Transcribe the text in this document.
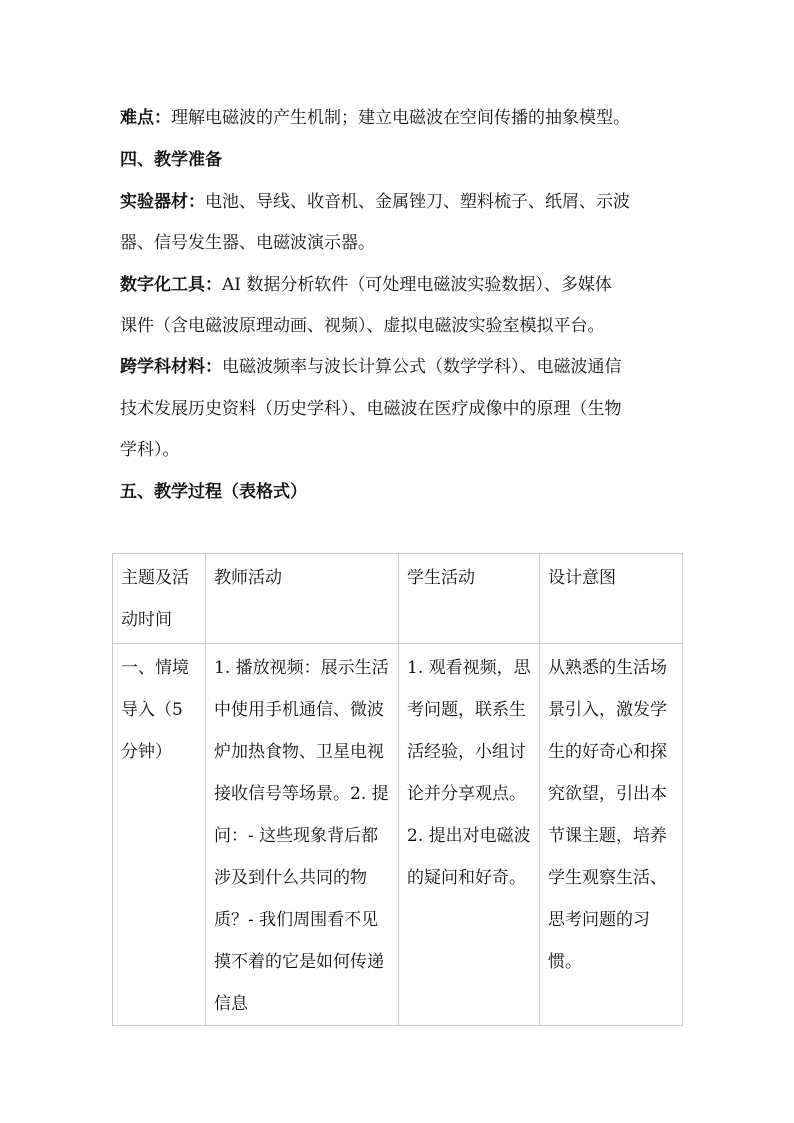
难点：理解电磁波的产生机制；建立电磁波在空间传播的抽象模型。
四、教学准备
实验器材：电池、导线、收音机、金属锉刀、塑料梳子、纸屑、示波
器、信号发生器、电磁波演示器。
数字化工具：AI 数据分析软件（可处理电磁波实验数据）、多媒体
课件（含电磁波原理动画、视频）、虚拟电磁波实验室模拟平台。
跨学科材料：电磁波频率与波长计算公式（数学学科）、电磁波通信
技术发展历史资料（历史学科）、电磁波在医疗成像中的原理（生物
学科）。
五、教学过程（表格式）
主题及活动时间	教师活动	学生活动	设计意图
一、情境导入（5分钟）	1. 播放视频：展示生活中使用手机通信、微波炉加热食物、卫星电视接收信号等场景。2. 提问：- 这些现象背后都涉及到什么共同的物质？- 我们周围看不见摸不着的它是如何传递信息	1. 观看视频，思考问题，联系生活经验，小组讨论并分享观点。2. 提出对电磁波的疑问和好奇。	从熟悉的生活场景引入，激发学生的好奇心和探究欲望，引出本节课主题，培养学生观察生活、思考问题的习惯。
